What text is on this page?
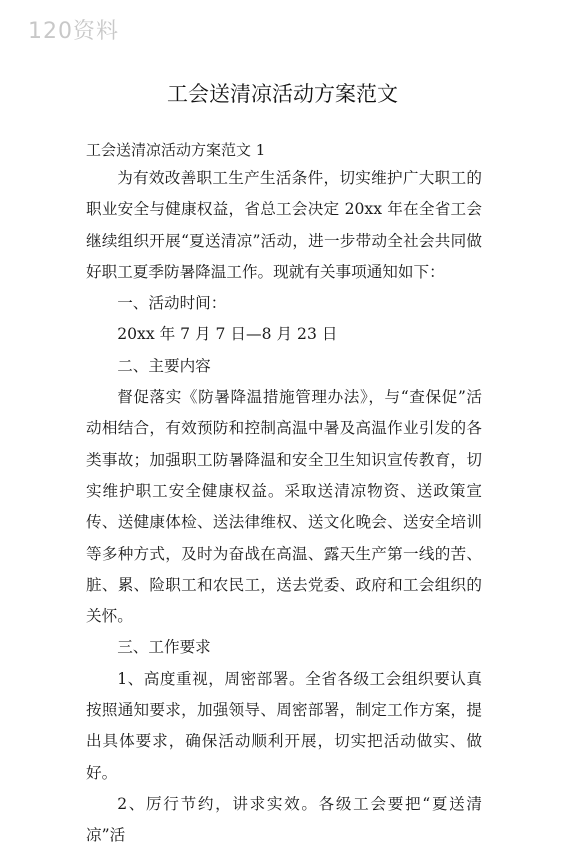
120资料
工会送清凉活动方案范文
工会送清凉活动方案范文 1

为有效改善职工生产生活条件，切实维护广大职工的职业安全与健康权益，省总工会决定 20xx 年在全省工会继续组织开展“夏送清凉”活动，进一步带动全社会共同做好职工夏季防暑降温工作。现就有关事项通知如下：

一、活动时间：

20xx 年 7 月 7 日—8 月 23 日

二、主要内容

督促落实《防暑降温措施管理办法》，与“查保促”活动相结合，有效预防和控制高温中暑及高温作业引发的各类事故；加强职工防暑降温和安全卫生知识宣传教育，切实维护职工安全健康权益。采取送清凉物资、送政策宣传、送健康体检、送法律维权、送文化晚会、送安全培训等多种方式，及时为奋战在高温、露天生产第一线的苦、脏、累、险职工和农民工，送去党委、政府和工会组织的关怀。

三、工作要求

1、高度重视，周密部署。全省各级工会组织要认真按照通知要求，加强领导、周密部署，制定工作方案，提出具体要求，确保活动顺利开展，切实把活动做实、做好。

2、厉行节约，讲求实效。各级工会要把“夏送清凉”活
